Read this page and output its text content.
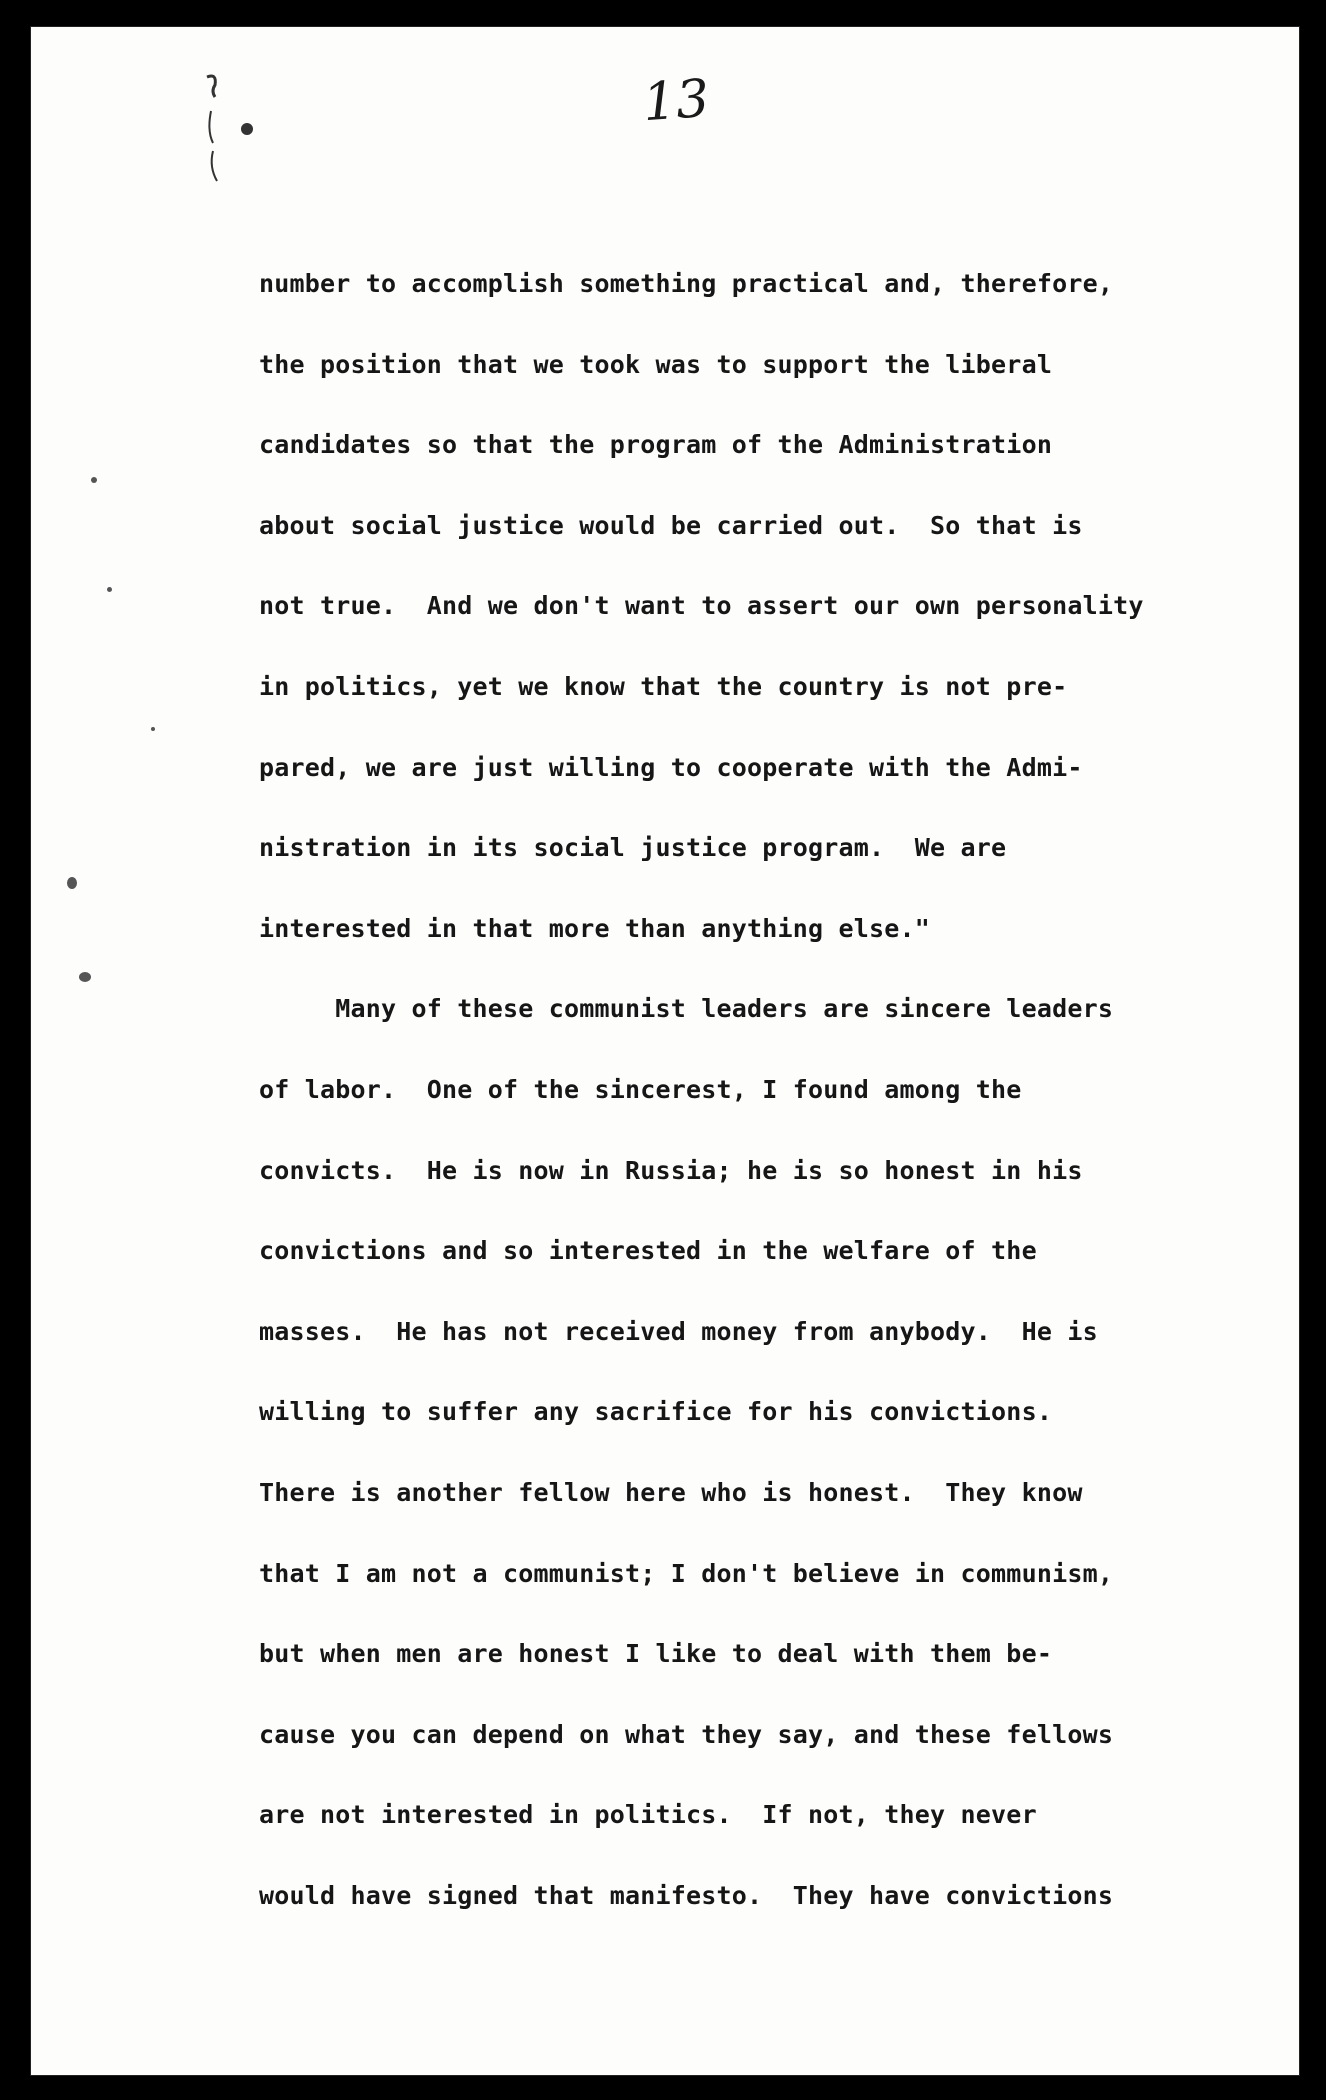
13
number to accomplish something practical and, therefore,
the position that we took was to support the liberal
candidates so that the program of the Administration
about social justice would be carried out.  So that is
not true.  And we don't want to assert our own personality
in politics, yet we know that the country is not pre-
pared, we are just willing to cooperate with the Admi-
nistration in its social justice program.  We are
interested in that more than anything else."
Many of these communist leaders are sincere leaders
of labor.  One of the sincerest, I found among the
convicts.  He is now in Russia; he is so honest in his
convictions and so interested in the welfare of the
masses.  He has not received money from anybody.  He is
willing to suffer any sacrifice for his convictions.
There is another fellow here who is honest.  They know
that I am not a communist; I don't believe in communism,
but when men are honest I like to deal with them be-
cause you can depend on what they say, and these fellows
are not interested in politics.  If not, they never
would have signed that manifesto.  They have convictions
